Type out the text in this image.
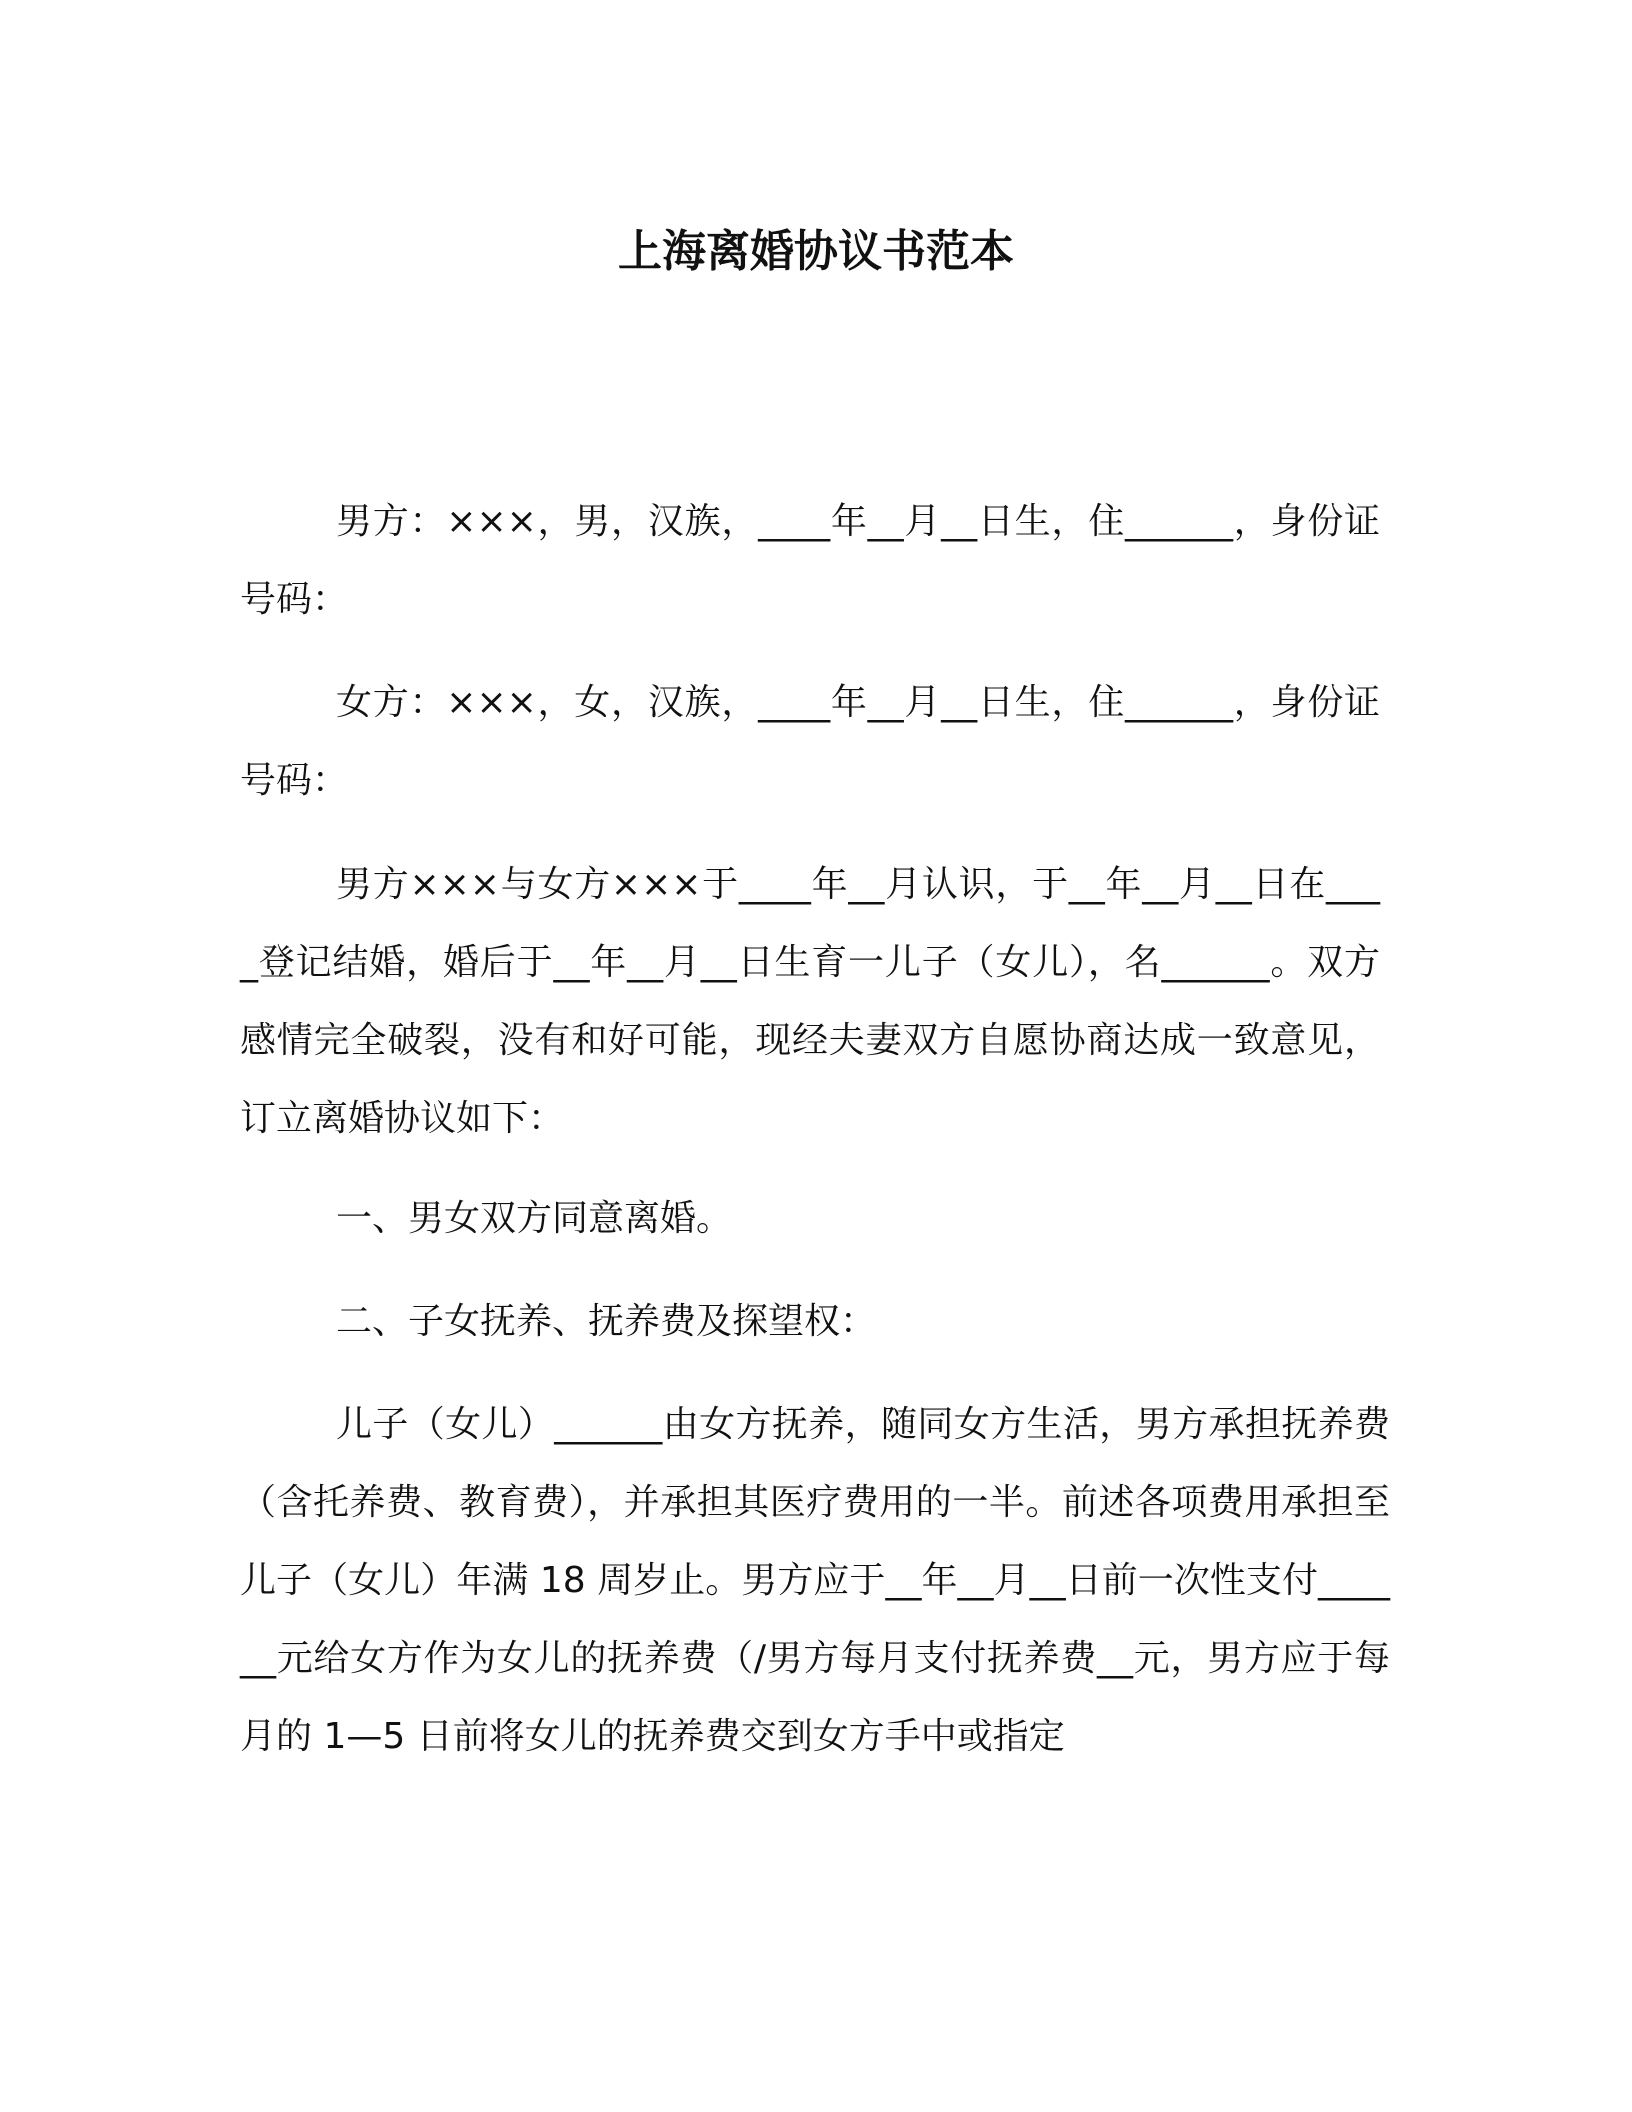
上海离婚协议书范本

男方：×××，男，汉族，____年__月__日生，住______，身份证号码：

女方：×××，女，汉族，____年__月__日生，住______，身份证号码：

男方×××与女方×××于____年__月认识，于__年__月__日在____登记结婚，婚后于__年__月__日生育一儿子（女儿），名______。双方感情完全破裂，没有和好可能，现经夫妻双方自愿协商达成一致意见，订立离婚协议如下：

一、男女双方同意离婚。

二、子女抚养、抚养费及探望权：

儿子（女儿）______由女方抚养，随同女方生活，男方承担抚养费（含托养费、教育费），并承担其医疗费用的一半。前述各项费用承担至儿子（女儿）年满 18 周岁止。男方应于__年__月__日前一次性支付______元给女方作为女儿的抚养费（/男方每月支付抚养费__元，男方应于每月的 1—5 日前将女儿的抚养费交到女方手中或指定
